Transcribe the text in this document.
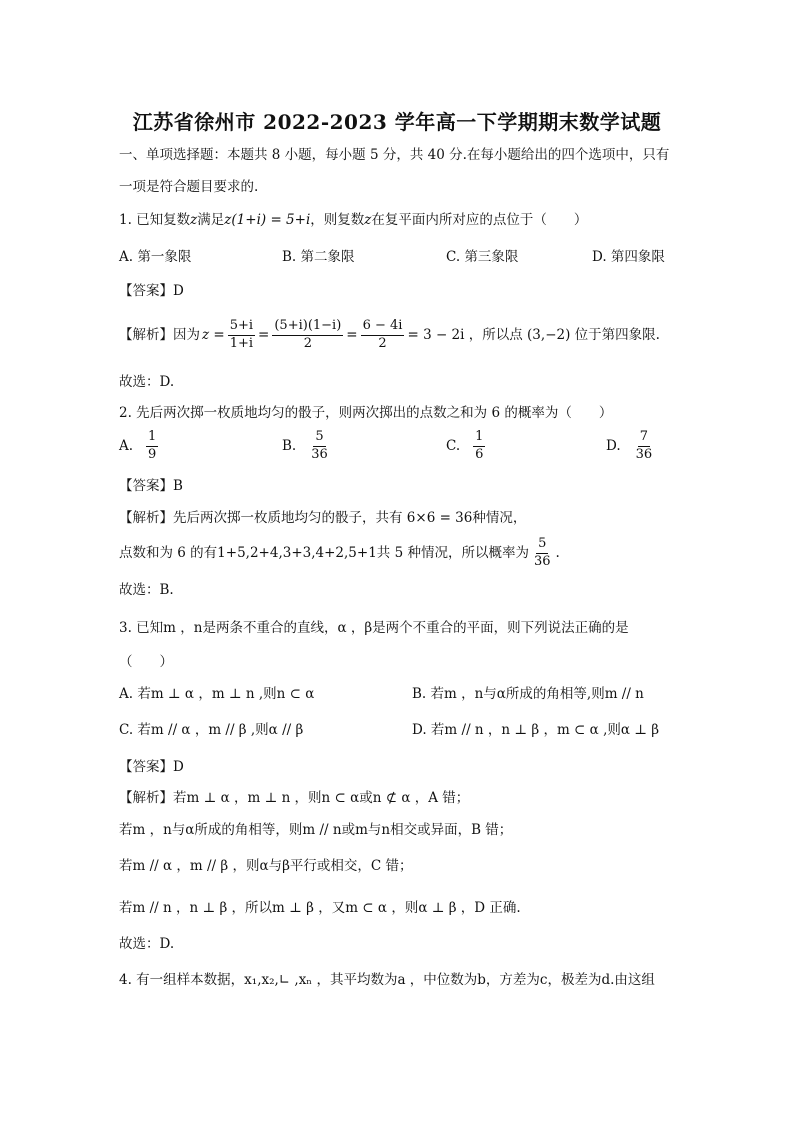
江苏省徐州市 2022-2023 学年高一下学期期末数学试题
一、单项选择题：本题共 8 小题，每小题 5 分，共 40 分.在每小题给出的四个选项中，只有
一项是符合题目要求的.
1. 已知复数z满足z(1+i) = 5+i，则复数z在复平面内所对应的点位于（　　）
A. 第一象限	B. 第二象限	C. 第三象限	D. 第四象限
【答案】D
【解析】因为 $z = \frac{5+i}{1+i} = \frac{(5+i)(1-i)}{2} = \frac{6 - 4i}{2} = 3 - 2i$ ，所以点 (3,−2) 位于第四象限.
故选：D.
2. 先后两次掷一枚质地均匀的骰子，则两次掷出的点数之和为 6 的概率为（　　）
A. $\frac{1}{9}$	B. $\frac{5}{36}$	C. $\frac{1}{6}$	D. $\frac{7}{36}$
【答案】B
【解析】先后两次掷一枚质地均匀的骰子，共有 6×6 = 36种情况，
点数和为 6 的有1+5,2+4,3+3,4+2,5+1共 5 种情况，所以概率为 $\frac{5}{36}$ .
故选：B.
3. 已知m ，n是两条不重合的直线，α ，β是两个不重合的平面，则下列说法正确的是
（　　）
A. 若m ⊥ α ，m ⊥ n ,则n ⊂ α	B. 若m ，n与α所成的角相等,则m // n
C. 若m // α ，m // β ,则α // β	D. 若m // n ，n ⊥ β ，m ⊂ α ,则α ⊥ β
【答案】D
【解析】若m ⊥ α ，m ⊥ n ，则n ⊂ α或n ⊄ α ，A 错；
若m ，n与α所成的角相等，则m // n或m与n相交或异面，B 错；
若m // α ，m // β ，则α与β平行或相交，C 错；
若m // n ，n ⊥ β ，所以m ⊥ β ，又m ⊂ α ，则α ⊥ β ，D 正确.
故选：D.
4. 有一组样本数据，x₁,x₂,∟ ,xₙ ，其平均数为a ，中位数为b，方差为c，极差为d.由这组
